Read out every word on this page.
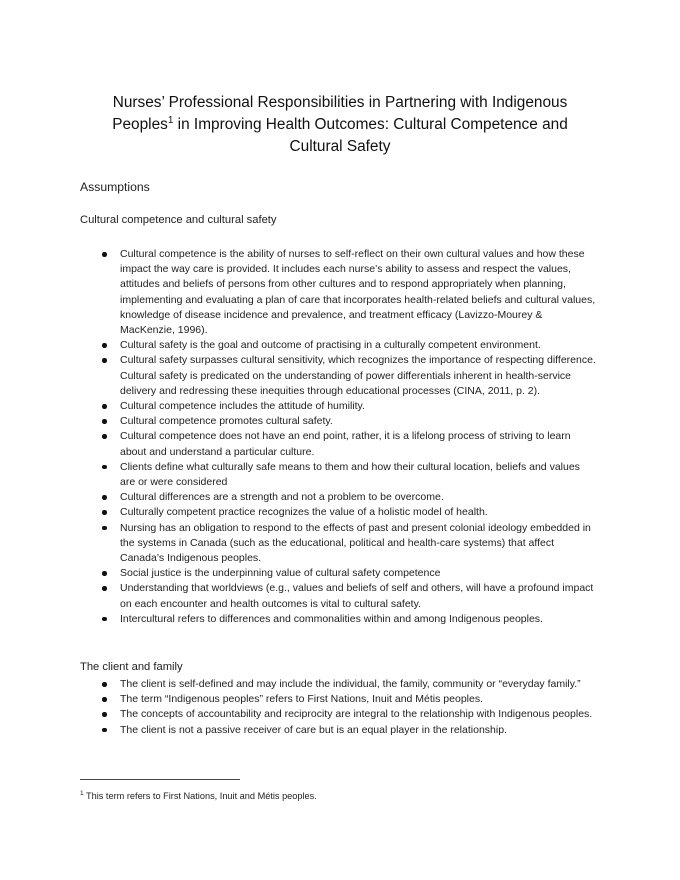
Nurses’ Professional Responsibilities in Partnering with Indigenous
Peoples$^1$ in Improving Health Outcomes: Cultural Competence and
Cultural Safety
Assumptions
Cultural competence and cultural safety
Cultural competence is the ability of nurses to self-reflect on their own cultural values and how these impact the way care is provided. It includes each nurse’s ability to assess and respect the values, attitudes and beliefs of persons from other cultures and to respond appropriately when planning, implementing and evaluating a plan of care that incorporates health-related beliefs and cultural values, knowledge of disease incidence and prevalence, and treatment efficacy (Lavizzo-Mourey & MacKenzie, 1996).
Cultural safety is the goal and outcome of practising in a culturally competent environment.
Cultural safety surpasses cultural sensitivity, which recognizes the importance of respecting difference. Cultural safety is predicated on the understanding of power differentials inherent in health-service delivery and redressing these inequities through educational processes (CINA, 2011, p. 2).
Cultural competence includes the attitude of humility.
Cultural competence promotes cultural safety.
Cultural competence does not have an end point, rather, it is a lifelong process of striving to learn about and understand a particular culture.
Clients define what culturally safe means to them and how their cultural location, beliefs and values are or were considered
Cultural differences are a strength and not a problem to be overcome.
Culturally competent practice recognizes the value of a holistic model of health.
Nursing has an obligation to respond to the effects of past and present colonial ideology embedded in the systems in Canada (such as the educational, political and health-care systems) that affect Canada’s Indigenous peoples.
Social justice is the underpinning value of cultural safety competence
Understanding that worldviews (e.g., values and beliefs of self and others, will have a profound impact on each encounter and health outcomes is vital to cultural safety.
Intercultural refers to differences and commonalities within and among Indigenous peoples.
The client and family
The client is self-defined and may include the individual, the family, community or “everyday family.”
The term “Indigenous peoples” refers to First Nations, Inuit and Métis peoples.
The concepts of accountability and reciprocity are integral to the relationship with Indigenous peoples.
The client is not a passive receiver of care but is an equal player in the relationship.
$^1$ This term refers to First Nations, Inuit and Métis peoples.
